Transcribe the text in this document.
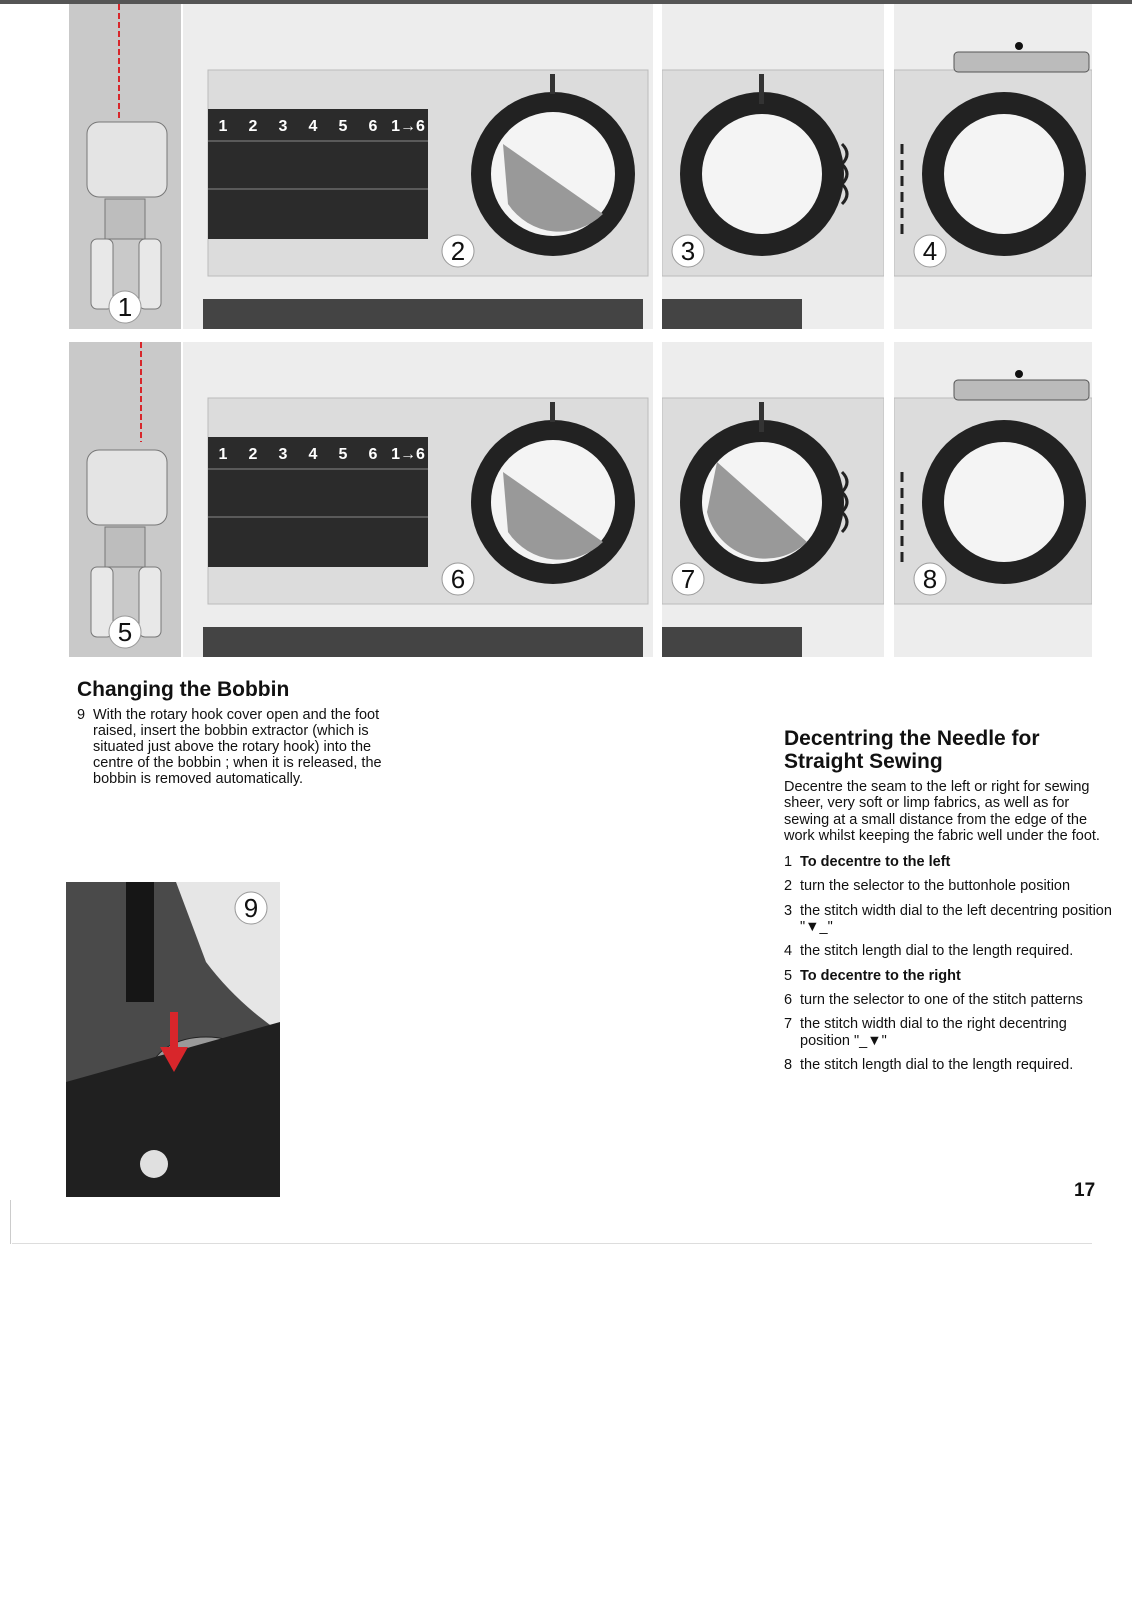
1
1 2 3 4 5 6 1→6
2	3	4
5
1 2 3 4 5 6 1→6
6	7	8
Changing the Bobbin
9 With the rotary hook cover open and the foot raised, insert the bobbin extractor (which is situated just above the rotary hook) into the centre of the bobbin ; when it is released, the bobbin is removed automatically.
9
Decentring the Needle for Straight Sewing
Decentre the seam to the left or right for sewing sheer, very soft or limp fabrics, as well as for sewing at a small distance from the edge of the work whilst keeping the fabric well under the foot.
1 To decentre to the left
2 turn the selector to the buttonhole position
3 the stitch width dial to the left decentring position "▼_"
4 the stitch length dial to the length required.
5 To decentre to the right
6 turn the selector to one of the stitch patterns
7 the stitch width dial to the right decentring position "_▼"
8 the stitch length dial to the length required.
17
